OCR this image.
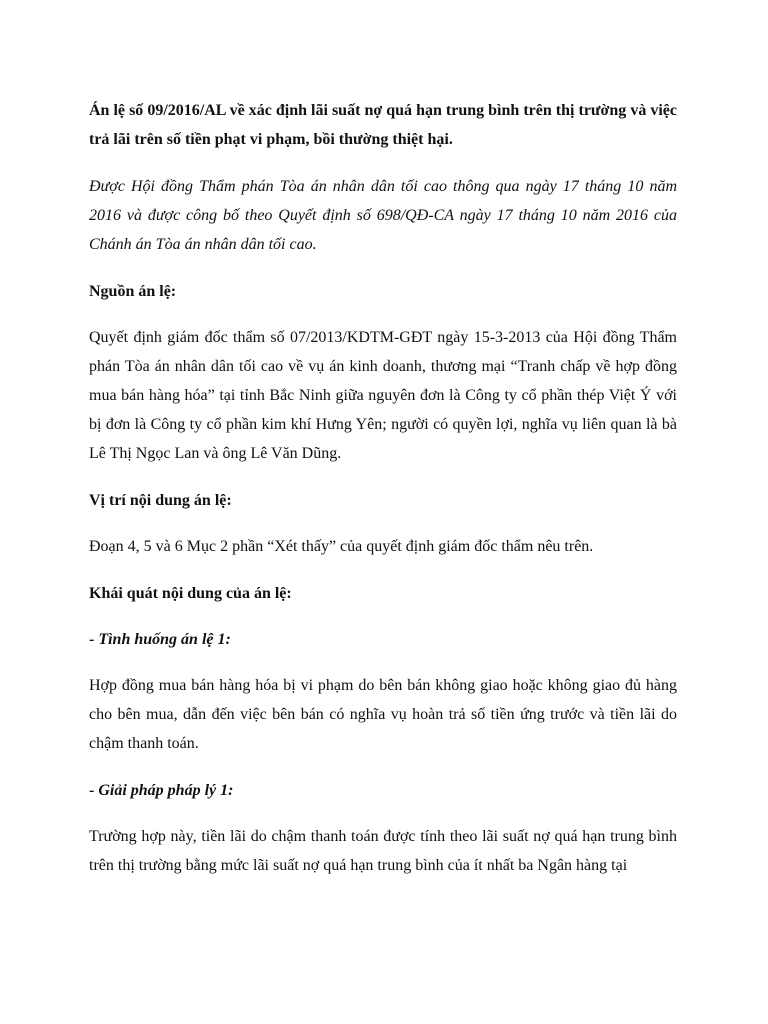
Án lệ số 09/2016/AL về xác định lãi suất nợ quá hạn trung bình trên thị trường và việc trả lãi trên số tiền phạt vi phạm, bồi thường thiệt hại.

Được Hội đồng Thẩm phán Tòa án nhân dân tối cao thông qua ngày 17 tháng 10 năm 2016 và được công bố theo Quyết định số 698/QĐ-CA ngày 17 tháng 10 năm 2016 của Chánh án Tòa án nhân dân tối cao.

Nguồn án lệ:

Quyết định giám đốc thẩm số 07/2013/KDTM-GĐT ngày 15-3-2013 của Hội đồng Thẩm phán Tòa án nhân dân tối cao về vụ án kinh doanh, thương mại “Tranh chấp về hợp đồng mua bán hàng hóa” tại tỉnh Bắc Ninh giữa nguyên đơn là Công ty cổ phần thép Việt Ý với bị đơn là Công ty cổ phần kim khí Hưng Yên; người có quyền lợi, nghĩa vụ liên quan là bà Lê Thị Ngọc Lan và ông Lê Văn Dũng.

Vị trí nội dung án lệ:

Đoạn 4, 5 và 6 Mục 2 phần “Xét thấy” của quyết định giám đốc thẩm nêu trên.

Khái quát nội dung của án lệ:

- Tình huống án lệ 1:

Hợp đồng mua bán hàng hóa bị vi phạm do bên bán không giao hoặc không giao đủ hàng cho bên mua, dẫn đến việc bên bán có nghĩa vụ hoàn trả số tiền ứng trước và tiền lãi do chậm thanh toán.

- Giải pháp pháp lý 1:

Trường hợp này, tiền lãi do chậm thanh toán được tính theo lãi suất nợ quá hạn trung bình trên thị trường bằng mức lãi suất nợ quá hạn trung bình của ít nhất ba Ngân hàng tại
